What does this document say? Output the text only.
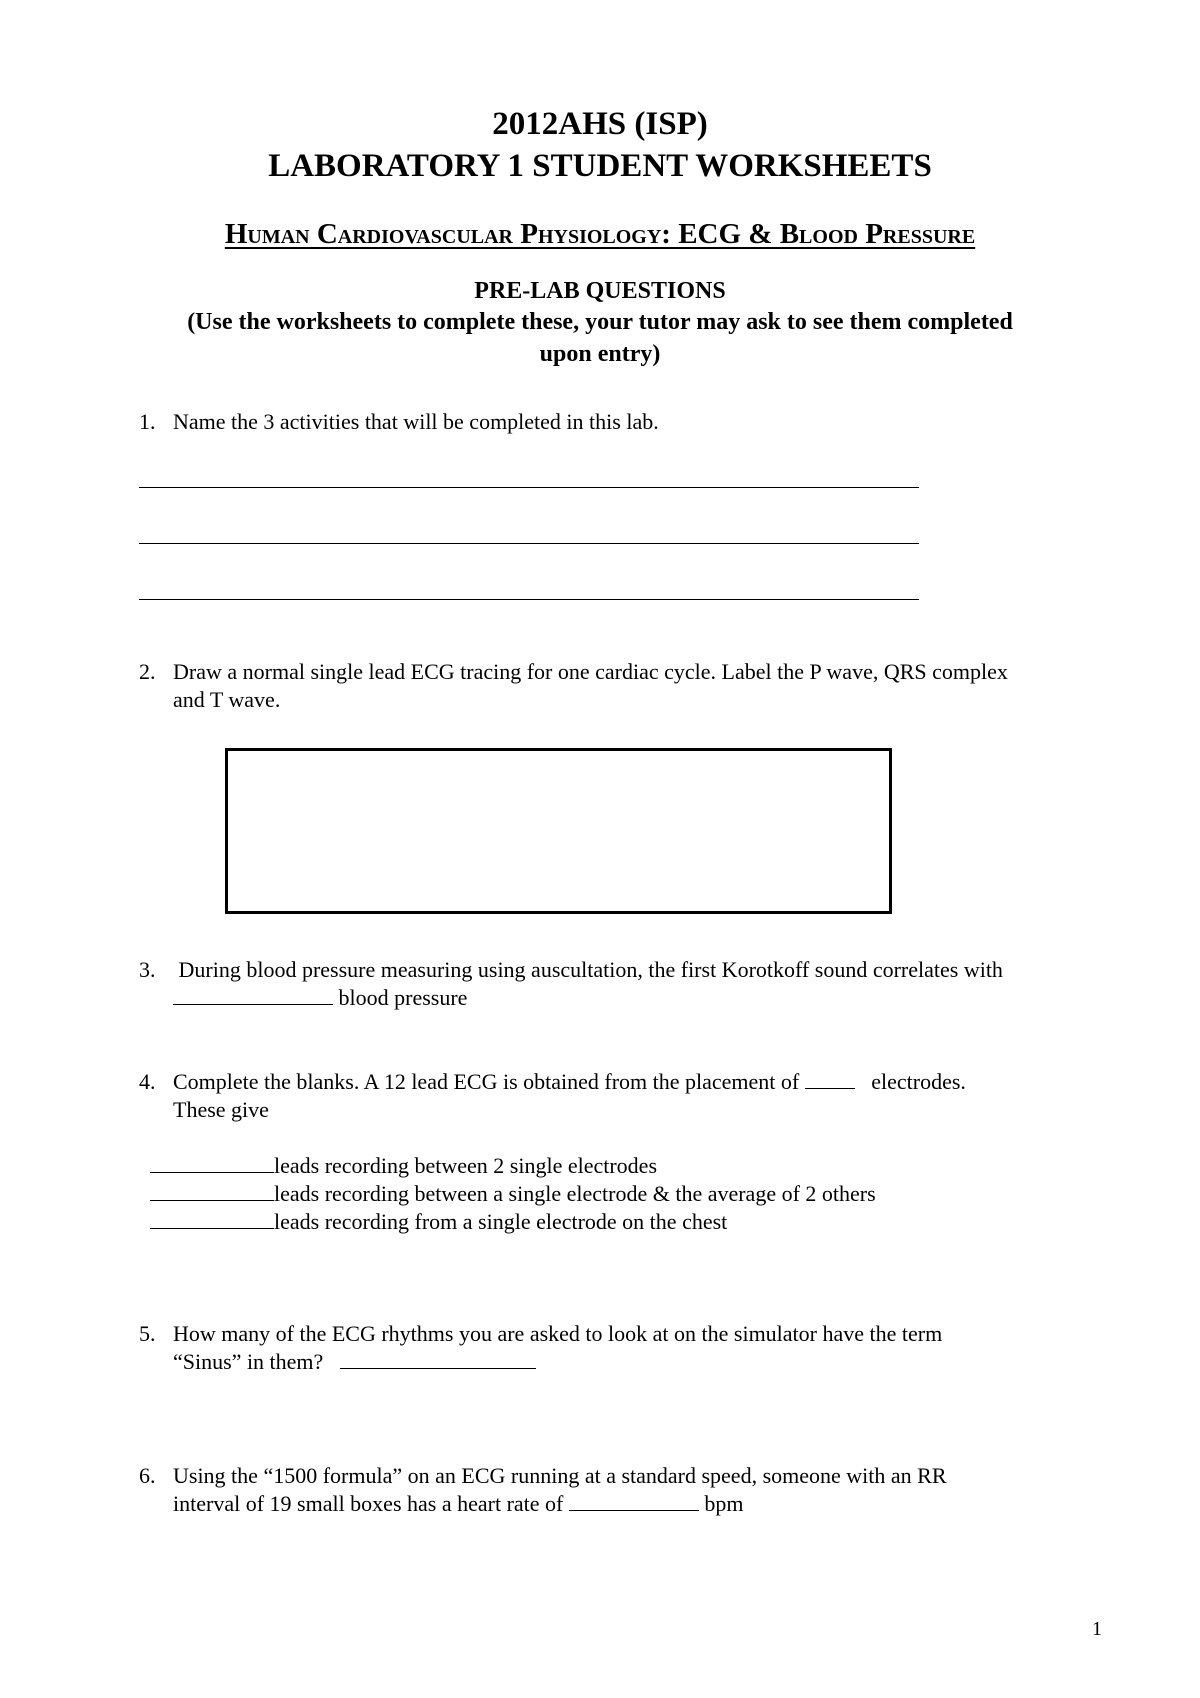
2012AHS (ISP)
LABORATORY 1 STUDENT WORKSHEETS
Human Cardiovascular Physiology: ECG & Blood Pressure
PRE-LAB QUESTIONS
(Use the worksheets to complete these, your tutor may ask to see them completed
upon entry)
1. Name the 3 activities that will be completed in this lab.
2. Draw a normal single lead ECG tracing for one cardiac cycle. Label the P wave, QRS complex
and T wave.
3. During blood pressure measuring using auscultation, the first Korotkoff sound correlates with
blood pressure
4. Complete the blanks. A 12 lead ECG is obtained from the placement of	electrodes.
These give
leads recording between 2 single electrodes
leads recording between a single electrode & the average of 2 others
leads recording from a single electrode on the chest
5. How many of the ECG rhythms you are asked to look at on the simulator have the term
“Sinus” in them?
6. Using the “1500 formula” on an ECG running at a standard speed, someone with an RR
interval of 19 small boxes has a heart rate of	bpm
1
